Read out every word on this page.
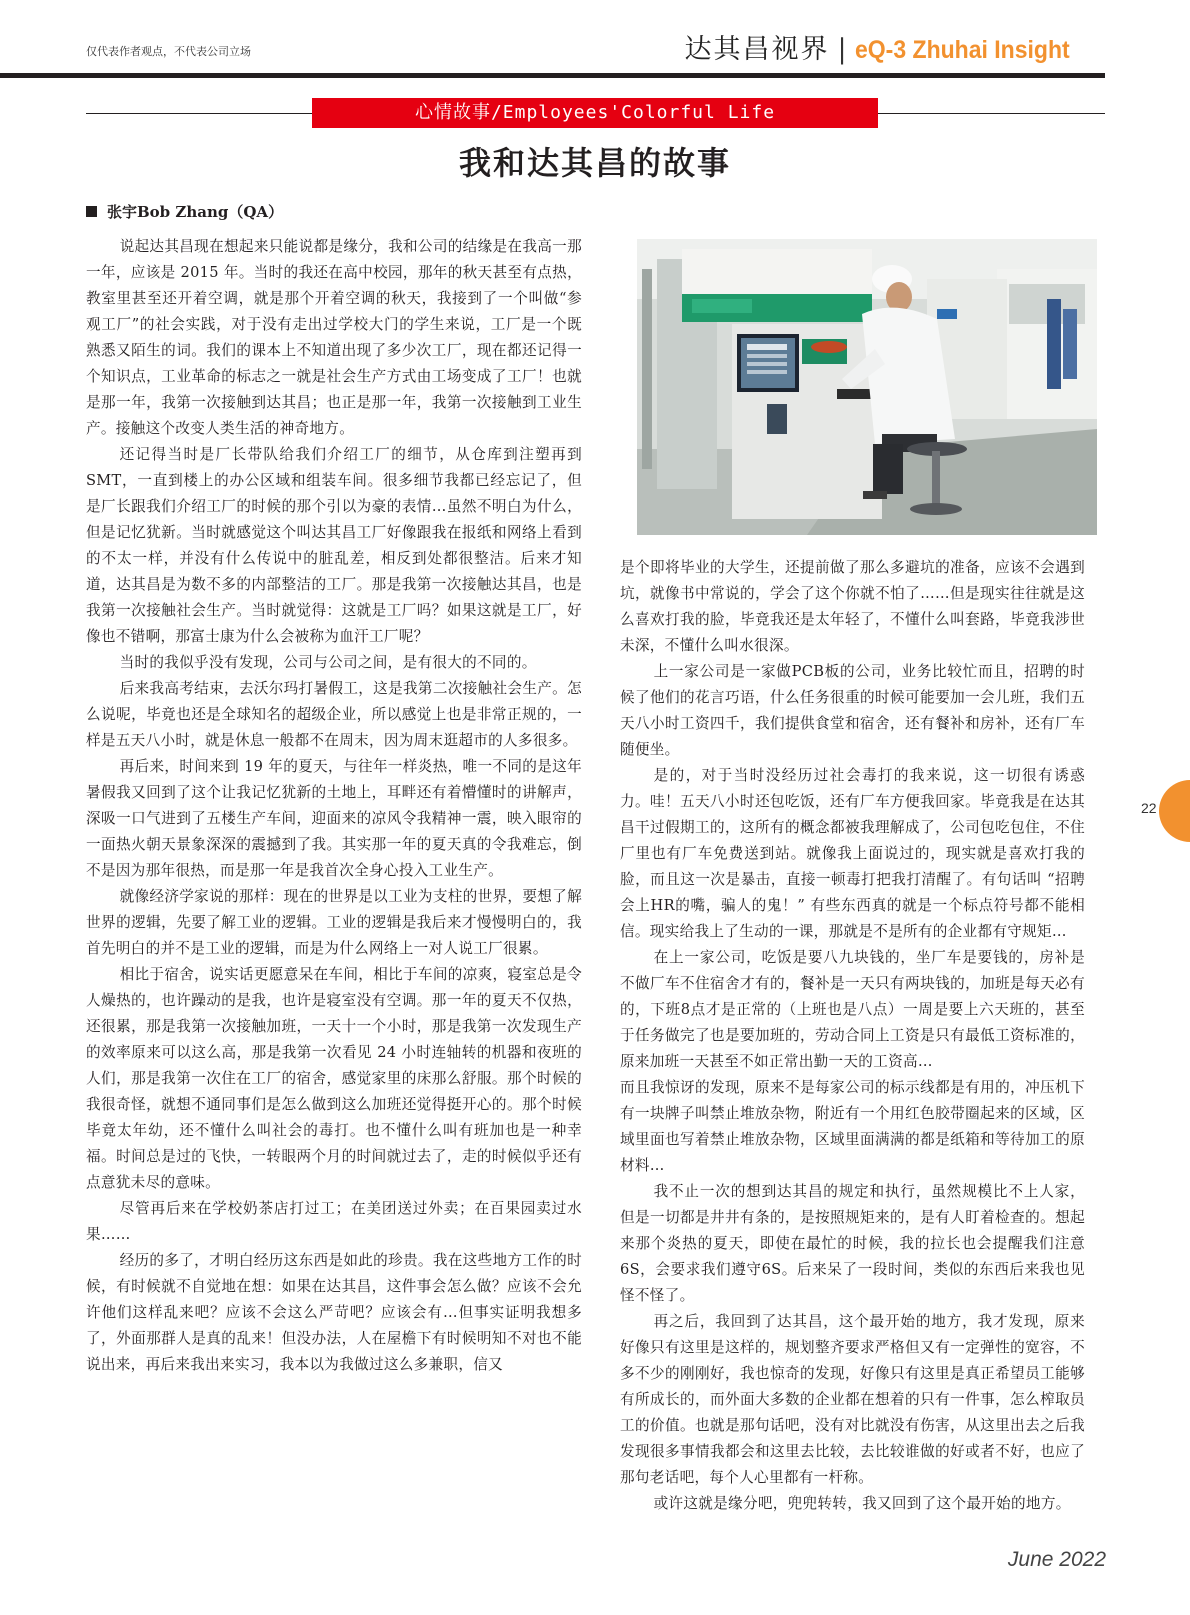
仅代表作者观点，不代表公司立场	达其昌视界 | eQ-3 Zhuhai Insight
心情故事/Employees'Colorful Life
我和达其昌的故事
张宇Bob Zhang（QA）

说起达其昌现在想起来只能说都是缘分，我和公司的结缘是在我高一那一年，应该是 2015 年。当时的我还在高中校园，那年的秋天甚至有点热，教室里甚至还开着空调，就是那个开着空调的秋天，我接到了一个叫做“参观工厂”的社会实践，对于没有走出过学校大门的学生来说，工厂是一个既熟悉又陌生的词。我们的课本上不知道出现了多少次工厂，现在都还记得一个知识点，工业革命的标志之一就是社会生产方式由工场变成了工厂！也就是那一年，我第一次接触到达其昌；也正是那一年，我第一次接触到工业生产。接触这个改变人类生活的神奇地方。

还记得当时是厂长带队给我们介绍工厂的细节，从仓库到注塑再到SMT，一直到楼上的办公区域和组装车间。很多细节我都已经忘记了，但是厂长跟我们介绍工厂的时候的那个引以为豪的表情…虽然不明白为什么，但是记忆犹新。当时就感觉这个叫达其昌工厂好像跟我在报纸和网络上看到的不太一样，并没有什么传说中的脏乱差，相反到处都很整洁。后来才知道，达其昌是为数不多的内部整洁的工厂。那是我第一次接触达其昌，也是我第一次接触社会生产。当时就觉得：这就是工厂吗？如果这就是工厂，好像也不错啊，那富士康为什么会被称为血汗工厂呢？

当时的我似乎没有发现，公司与公司之间，是有很大的不同的。

后来我高考结束，去沃尔玛打暑假工，这是我第二次接触社会生产。怎么说呢，毕竟也还是全球知名的超级企业，所以感觉上也是非常正规的，一样是五天八小时，就是休息一般都不在周末，因为周末逛超市的人多很多。

再后来，时间来到 19 年的夏天，与往年一样炎热，唯一不同的是这年暑假我又回到了这个让我记忆犹新的土地上，耳畔还有着懵懂时的讲解声，深吸一口气进到了五楼生产车间，迎面来的凉风令我精神一震，映入眼帘的一面热火朝天景象深深的震撼到了我。其实那一年的夏天真的令我难忘，倒不是因为那年很热，而是那一年是我首次全身心投入工业生产。

就像经济学家说的那样：现在的世界是以工业为支柱的世界，要想了解世界的逻辑，先要了解工业的逻辑。工业的逻辑是我后来才慢慢明白的，我首先明白的并不是工业的逻辑，而是为什么网络上一对人说工厂很累。

相比于宿舍，说实话更愿意呆在车间，相比于车间的凉爽，寝室总是令人燥热的，也许躁动的是我，也许是寝室没有空调。那一年的夏天不仅热，还很累，那是我第一次接触加班，一天十一个小时，那是我第一次发现生产的效率原来可以这么高，那是我第一次看见 24 小时连轴转的机器和夜班的人们，那是我第一次住在工厂的宿舍，感觉家里的床那么舒服。那个时候的我很奇怪，就想不通同事们是怎么做到这么加班还觉得挺开心的。那个时候毕竟太年幼，还不懂什么叫社会的毒打。也不懂什么叫有班加也是一种幸福。时间总是过的飞快，一转眼两个月的时间就过去了，走的时候似乎还有点意犹未尽的意味。

尽管再后来在学校奶茶店打过工；在美团送过外卖；在百果园卖过水果……

经历的多了，才明白经历这东西是如此的珍贵。我在这些地方工作的时候，有时候就不自觉地在想：如果在达其昌，这件事会怎么做？应该不会允许他们这样乱来吧？应该不会这么严苛吧？应该会有…但事实证明我想多了，外面那群人是真的乱来！但没办法，人在屋檐下有时候明知不对也不能说出来，再后来我出来实习，我本以为我做过这么多兼职，信又

是个即将毕业的大学生，还提前做了那么多避坑的准备，应该不会遇到坑，就像书中常说的，学会了这个你就不怕了……但是现实往往就是这么喜欢打我的脸，毕竟我还是太年轻了，不懂什么叫套路，毕竟我涉世未深，不懂什么叫水很深。

上一家公司是一家做PCB板的公司，业务比较忙而且，招聘的时候了他们的花言巧语，什么任务很重的时候可能要加一会儿班，我们五天八小时工资四千，我们提供食堂和宿舍，还有餐补和房补，还有厂车随便坐。

是的，对于当时没经历过社会毒打的我来说，这一切很有诱惑力。哇！五天八小时还包吃饭，还有厂车方便我回家。毕竟我是在达其昌干过假期工的，这所有的概念都被我理解成了，公司包吃包住，不住厂里也有厂车免费送到站。就像我上面说过的，现实就是喜欢打我的脸，而且这一次是暴击，直接一顿毒打把我打清醒了。有句话叫 “招聘会上HR的嘴，骗人的鬼！” 有些东西真的就是一个标点符号都不能相信。现实给我上了生动的一课，那就是不是所有的企业都有守规矩…

在上一家公司，吃饭是要八九块钱的，坐厂车是要钱的，房补是不做厂车不住宿舍才有的，餐补是一天只有两块钱的，加班是每天必有的，下班8点才是正常的（上班也是八点）一周是要上六天班的，甚至于任务做完了也是要加班的，劳动合同上工资是只有最低工资标准的，原来加班一天甚至不如正常出勤一天的工资高…

而且我惊讶的发现，原来不是每家公司的标示线都是有用的，冲压机下有一块牌子叫禁止堆放杂物，附近有一个用红色胶带圈起来的区域，区域里面也写着禁止堆放杂物，区域里面满满的都是纸箱和等待加工的原材料…

我不止一次的想到达其昌的规定和执行，虽然规模比不上人家，但是一切都是井井有条的，是按照规矩来的，是有人盯着检查的。想起来那个炎热的夏天，即使在最忙的时候，我的拉长也会提醒我们注意6S，会要求我们遵守6S。后来呆了一段时间，类似的东西后来我也见怪不怪了。

再之后，我回到了达其昌，这个最开始的地方，我才发现，原来好像只有这里是这样的，规划整齐要求严格但又有一定弹性的宽容，不多不少的刚刚好，我也惊奇的发现，好像只有这里是真正希望员工能够有所成长的，而外面大多数的企业都在想着的只有一件事，怎么榨取员工的价值。也就是那句话吧，没有对比就没有伤害，从这里出去之后我发现很多事情我都会和这里去比较，去比较谁做的好或者不好，也应了那句老话吧，每个人心里都有一杆称。

或许这就是缘分吧，兜兜转转，我又回到了这个最开始的地方。

22
June 2022
